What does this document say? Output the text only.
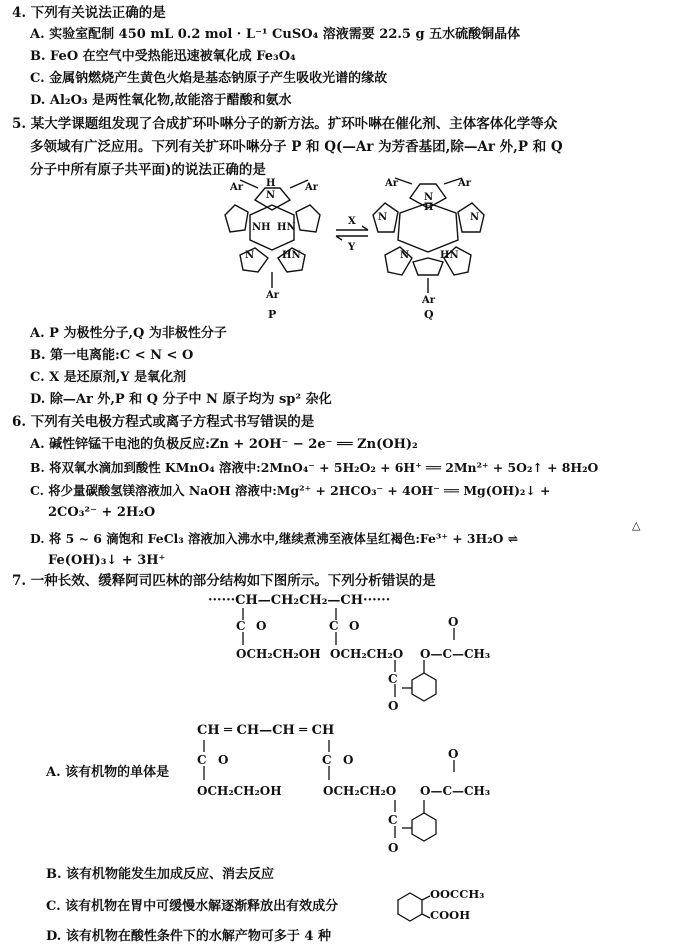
4. 下列有关说法正确的是
A. 实验室配制 450 mL 0.2 mol · L⁻¹ CuSO₄ 溶液需要 22.5 g 五水硫酸铜晶体
B. FeO 在空气中受热能迅速被氧化成 Fe₃O₄
C. 金属钠燃烧产生黄色火焰是基态钠原子产生吸收光谱的缘故
D. Al₂O₃ 是两性氧化物,故能溶于醋酸和氨水
5. 某大学课题组发现了合成扩环卟啉分子的新方法。扩环卟啉在催化剂、主体客体化学等众
多领域有广泛应用。下列有关扩环卟啉分子 P 和 Q(—Ar 为芳香基团,除—Ar 外,P 和 Q
分子中所有原子共平面)的说法正确的是
Ar	Ar
Ar
H
N
NH HN
N	HN
P
Ar	Ar
Ar
H
N
N	N
N	HN
Q
X
Y
A. P 为极性分子,Q 为非极性分子
B. 第一电离能:C < N < O
C. X 是还原剂,Y 是氧化剂
D. 除—Ar 外,P 和 Q 分子中 N 原子均为 sp² 杂化
6. 下列有关电极方程式或离子方程式书写错误的是
A. 碱性锌锰干电池的负极反应:Zn + 2OH⁻ − 2e⁻ ══ Zn(OH)₂
B. 将双氧水滴加到酸性 KMnO₄ 溶液中:2MnO₄⁻ + 5H₂O₂ + 6H⁺ ══ 2Mn²⁺ + 5O₂↑ + 8H₂O
C. 将少量碳酸氢镁溶液加入 NaOH 溶液中:Mg²⁺ + 2HCO₃⁻ + 4OH⁻ ══ Mg(OH)₂↓ +
2CO₃²⁻ + 2H₂O
D. 将 5 ~ 6 滴饱和 FeCl₃ 溶液加入沸水中,继续煮沸至液体呈红褐色:Fe³⁺ + 3H₂O ⇌
△
Fe(OH)₃↓ + 3H⁺
7. 一种长效、缓释阿司匹林的部分结构如下图所示。下列分析错误的是
······CH—CH₂CH₂—CH······
C O	C O	O
C
O
OCH₂CH₂OH OCH₂CH₂O O—C—CH₃
CH ═ CH—CH ═ CH
A. 该有机物的单体是
C O	C O	O
C
O
OCH₂CH₂OH	OCH₂CH₂O O—C—CH₃
B. 该有机物能发生加成反应、消去反应
C. 该有机物在胃中可缓慢水解逐渐释放出有效成分
OOCCH₃
COOH
D. 该有机物在酸性条件下的水解产物可多于 4 种
